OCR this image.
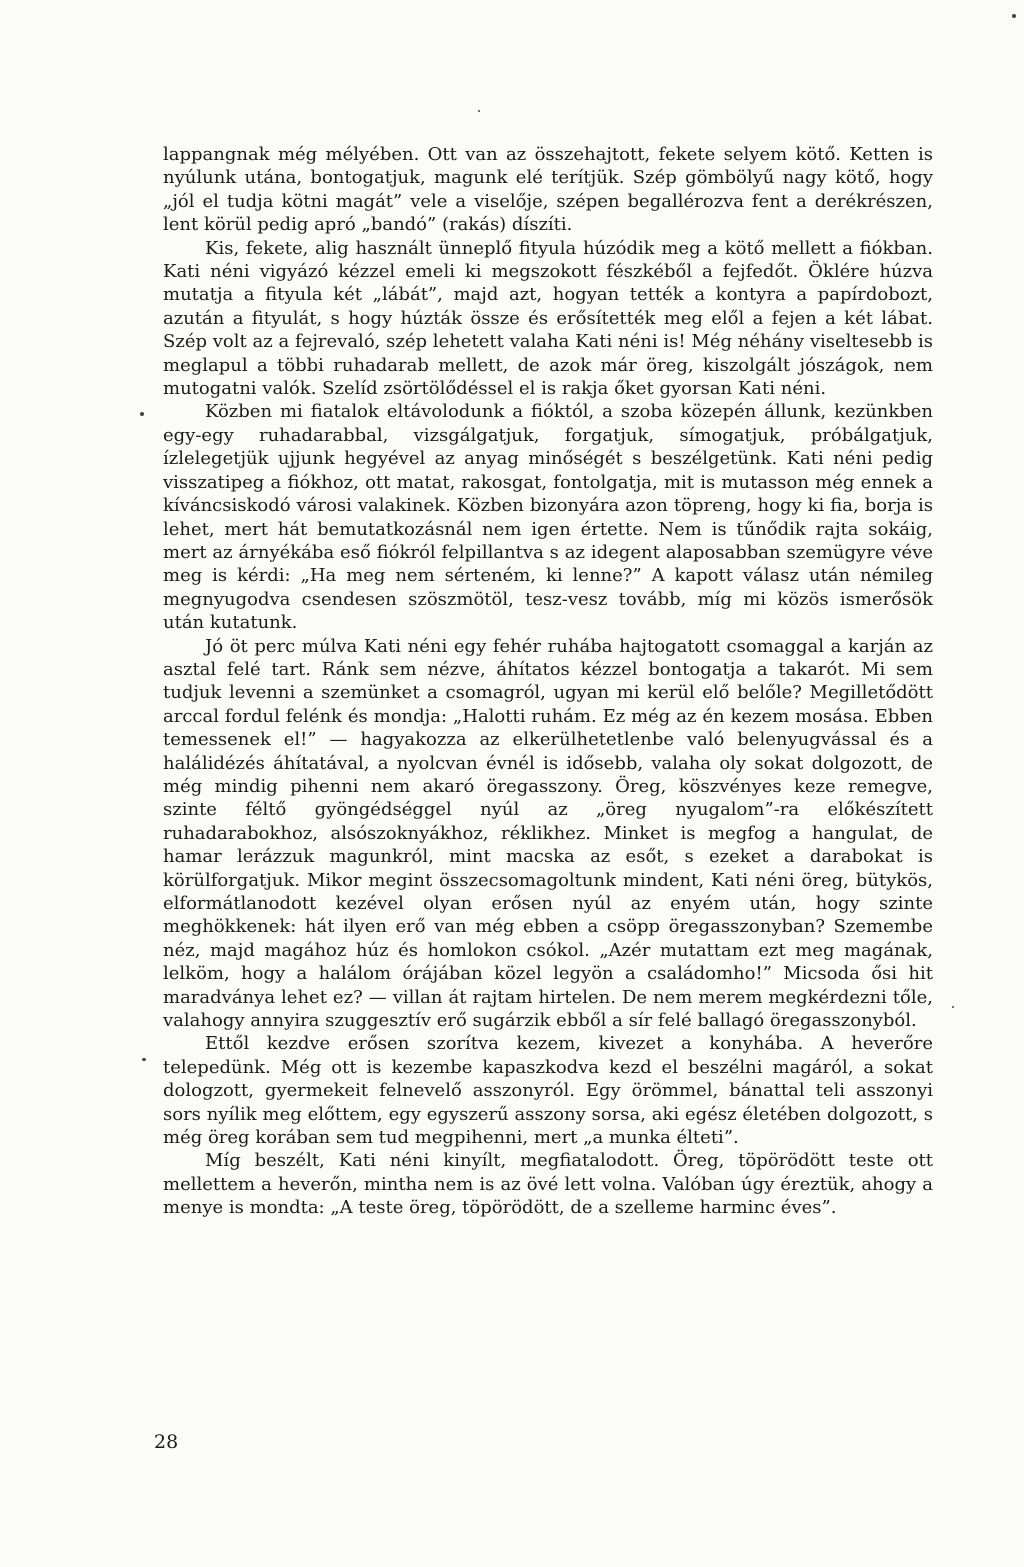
lappangnak még mélyében. Ott van az összehajtott, fekete selyem kötő. Ketten is nyúlunk utána, bontogatjuk, magunk elé terítjük. Szép gömbölyű nagy kötő, hogy „jól el tudja kötni magát” vele a viselője, szépen begallérozva fent a derékrészen, lent körül pedig apró „bandó” (rakás) díszíti.

Kis, fekete, alig használt ünneplő fityula húzódik meg a kötő mellett a fiókban. Kati néni vigyázó kézzel emeli ki megszokott fészkéből a fejfedőt. Öklére húzva mutatja a fityula két „lábát”, majd azt, hogyan tették a kontyra a papírdobozt, azután a fityulát, s hogy húzták össze és erősítették meg elől a fejen a két lábat. Szép volt az a fejrevaló, szép lehetett valaha Kati néni is! Még néhány viseltesebb is meglapul a többi ruhadarab mellett, de azok már öreg, kiszolgált jószágok, nem mutogatni valók. Szelíd zsörtölődéssel el is rakja őket gyorsan Kati néni.

Közben mi fiatalok eltávolodunk a fióktól, a szoba közepén állunk, kezünkben egy-egy ruhadarabbal, vizsgálgatjuk, forgatjuk, símogatjuk, próbálgatjuk, ízlelegetjük ujjunk hegyével az anyag minőségét s beszélgetünk. Kati néni pedig visszatipeg a fiókhoz, ott matat, rakosgat, fontolgatja, mit is mutasson még ennek a kíváncsiskodó városi valakinek. Közben bizonyára azon töpreng, hogy ki fia, borja is lehet, mert hát bemutatkozásnál nem igen értette. Nem is tűnődik rajta sokáig, mert az árnyékába eső fiókról felpillantva s az idegent alaposabban szemügyre véve meg is kérdi: „Ha meg nem sérteném, ki lenne?” A kapott válasz után némileg megnyugodva csendesen szöszmötöl, tesz-vesz tovább, míg mi közös ismerősök után kutatunk.

Jó öt perc múlva Kati néni egy fehér ruhába hajtogatott csomaggal a karján az asztal felé tart. Ránk sem nézve, áhítatos kézzel bontogatja a takarót. Mi sem tudjuk levenni a szemünket a csomagról, ugyan mi kerül elő belőle? Megilletődött arccal fordul felénk és mondja: „Halotti ruhám. Ez még az én kezem mosása. Ebben temessenek el!” — hagyakozza az elkerülhetetlenbe való belenyugvással és a halálidézés áhítatával, a nyolcvan évnél is idősebb, valaha oly sokat dolgozott, de még mindig pihenni nem akaró öregasszony. Öreg, köszvényes keze remegve, szinte féltő gyöngédséggel nyúl az „öreg nyugalom”-ra előkészített ruhadarabokhoz, alsószoknyákhoz, réklikhez. Minket is megfog a hangulat, de hamar lerázzuk magunkról, mint macska az esőt, s ezeket a darabokat is körülforgatjuk. Mikor megint összecsomagoltunk mindent, Kati néni öreg, bütykös, elformátlanodott kezével olyan erősen nyúl az enyém után, hogy szinte meghökkenek: hát ilyen erő van még ebben a csöpp öregasszonyban? Szemembe néz, majd magához húz és homlokon csókol. „Azér mutattam ezt meg magának, lelköm, hogy a halálom órájában közel legyön a családomho!” Micsoda ősi hit maradványa lehet ez? — villan át rajtam hirtelen. De nem merem megkérdezni tőle, valahogy annyira szuggesztív erő sugárzik ebből a sír felé ballagó öregasszonyból.

Ettől kezdve erősen szorítva kezem, kivezet a konyhába. A heverőre telepedünk. Még ott is kezembe kapaszkodva kezd el beszélni magáról, a sokat dologzott, gyermekeit felnevelő asszonyról. Egy örömmel, bánattal teli asszonyi sors nyílik meg előttem, egy egyszerű asszony sorsa, aki egész életében dolgozott, s még öreg korában sem tud megpihenni, mert „a munka élteti”.

Míg beszélt, Kati néni kinyílt, megfiatalodott. Öreg, töpörödött teste ott mellettem a heverőn, mintha nem is az övé lett volna. Valóban úgy éreztük, ahogy a menye is mondta: „A teste öreg, töpörödött, de a szelleme harminc éves”.

28
